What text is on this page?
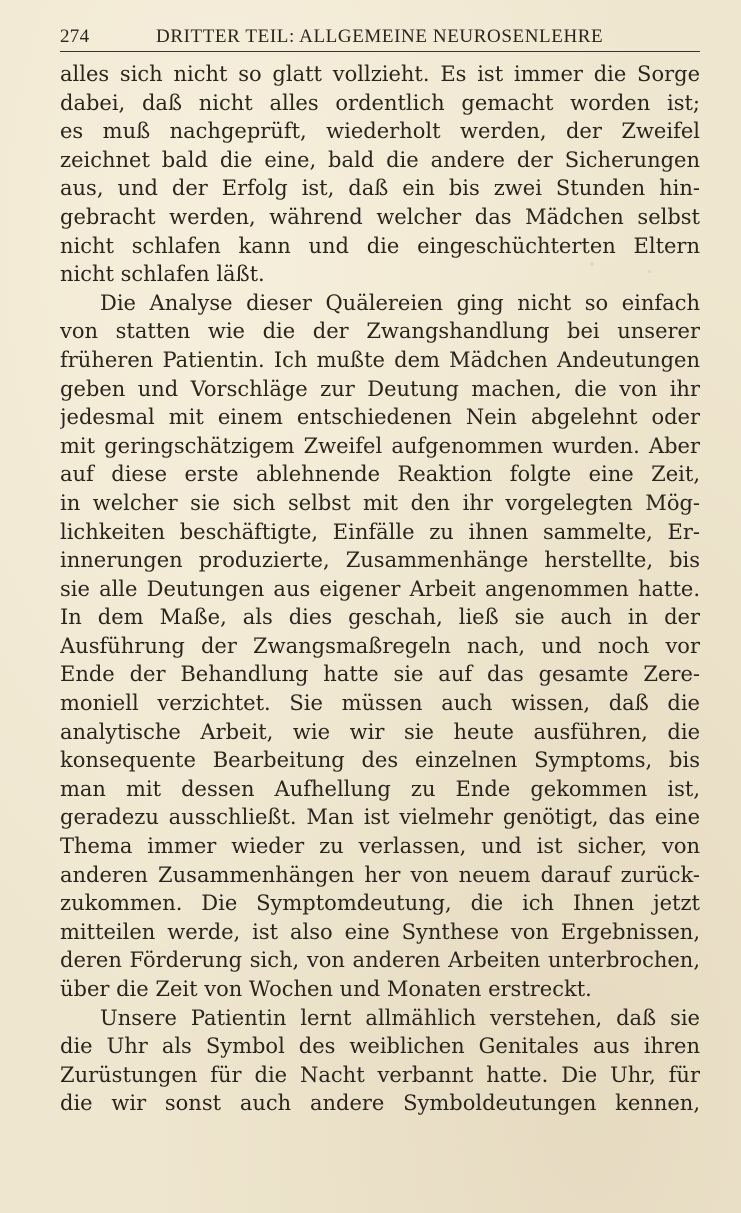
274	DRITTER TEIL: ALLGEMEINE NEUROSENLEHRE
alles sich nicht so glatt vollzieht. Es ist immer die Sorge
dabei, daß nicht alles ordentlich gemacht worden ist;
es muß nachgeprüft, wiederholt werden, der Zweifel
zeichnet bald die eine, bald die andere der Sicherungen
aus, und der Erfolg ist, daß ein bis zwei Stunden hin-
gebracht werden, während welcher das Mädchen selbst
nicht schlafen kann und die eingeschüchterten Eltern
nicht schlafen läßt.
Die Analyse dieser Quälereien ging nicht so einfach
von statten wie die der Zwangshandlung bei unserer
früheren Patientin. Ich mußte dem Mädchen Andeutungen
geben und Vorschläge zur Deutung machen, die von ihr
jedesmal mit einem entschiedenen Nein abgelehnt oder
mit geringschätzigem Zweifel aufgenommen wurden. Aber
auf diese erste ablehnende Reaktion folgte eine Zeit,
in welcher sie sich selbst mit den ihr vorgelegten Mög-
lichkeiten beschäftigte, Einfälle zu ihnen sammelte, Er-
innerungen produzierte, Zusammenhänge herstellte, bis
sie alle Deutungen aus eigener Arbeit angenommen hatte.
In dem Maße, als dies geschah, ließ sie auch in der
Ausführung der Zwangsmaßregeln nach, und noch vor
Ende der Behandlung hatte sie auf das gesamte Zere-
moniell verzichtet. Sie müssen auch wissen, daß die
analytische Arbeit, wie wir sie heute ausführen, die
konsequente Bearbeitung des einzelnen Symptoms, bis
man mit dessen Aufhellung zu Ende gekommen ist,
geradezu ausschließt. Man ist vielmehr genötigt, das eine
Thema immer wieder zu verlassen, und ist sicher, von
anderen Zusammenhängen her von neuem darauf zurück-
zukommen. Die Symptomdeutung, die ich Ihnen jetzt
mitteilen werde, ist also eine Synthese von Ergebnissen,
deren Förderung sich, von anderen Arbeiten unterbrochen,
über die Zeit von Wochen und Monaten erstreckt.
Unsere Patientin lernt allmählich verstehen, daß sie
die Uhr als Symbol des weiblichen Genitales aus ihren
Zurüstungen für die Nacht verbannt hatte. Die Uhr, für
die wir sonst auch andere Symboldeutungen kennen,
